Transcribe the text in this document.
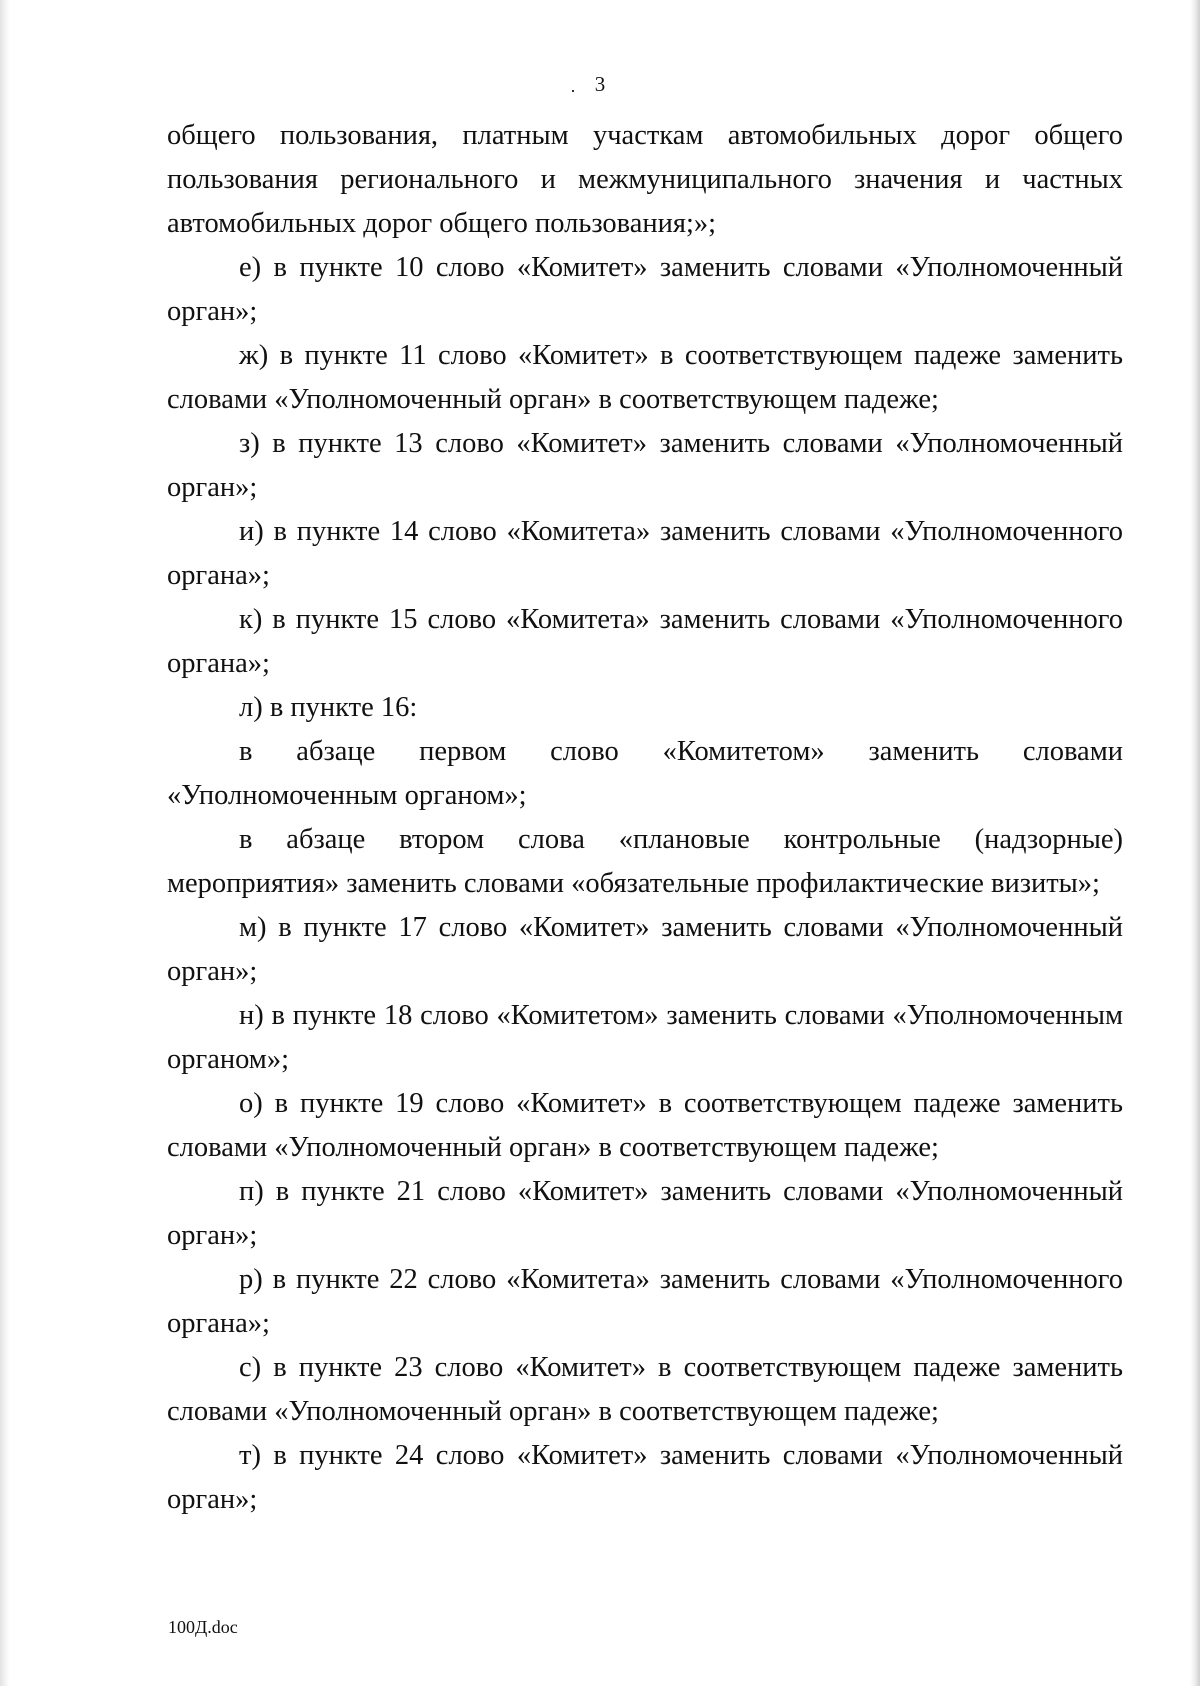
3

общего пользования, платным участкам автомобильных дорог общего пользования регионального и межмуниципального значения и частных автомобильных дорог общего пользования;»;

е) в пункте 10 слово «Комитет» заменить словами «Уполномоченный орган»;

ж) в пункте 11 слово «Комитет» в соответствующем падеже заменить словами «Уполномоченный орган» в соответствующем падеже;

з) в пункте 13 слово «Комитет» заменить словами «Уполномоченный орган»;

и) в пункте 14 слово «Комитета» заменить словами «Уполномоченного органа»;

к) в пункте 15 слово «Комитета» заменить словами «Уполномоченного органа»;

л) в пункте 16:

в абзаце первом слово «Комитетом» заменить словами «Уполномоченным органом»;

в абзаце втором слова «плановые контрольные (надзорные) мероприятия» заменить словами «обязательные профилактические визиты»;

м) в пункте 17 слово «Комитет» заменить словами «Уполномоченный орган»;

н) в пункте 18 слово «Комитетом» заменить словами «Уполномоченным органом»;

о) в пункте 19 слово «Комитет» в соответствующем падеже заменить словами «Уполномоченный орган» в соответствующем падеже;

п) в пункте 21 слово «Комитет» заменить словами «Уполномоченный орган»;

р) в пункте 22 слово «Комитета» заменить словами «Уполномоченного органа»;

с) в пункте 23 слово «Комитет» в соответствующем падеже заменить словами «Уполномоченный орган» в соответствующем падеже;

т) в пункте 24 слово «Комитет» заменить словами «Уполномоченный орган»;

100Д.doc
